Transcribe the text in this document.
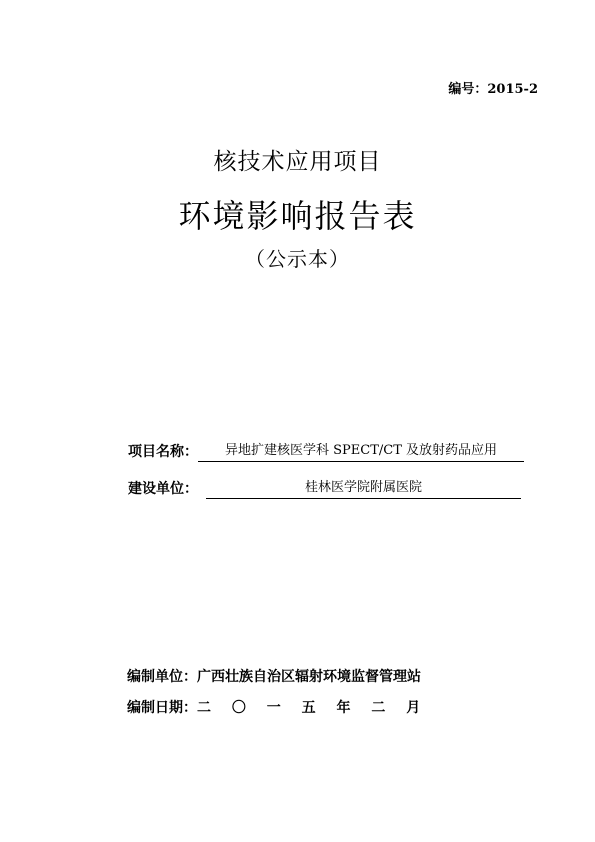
编号：2015-2
核技术应用项目
环境影响报告表
（公示本）
项目名称：	异地扩建核医学科 SPECT/CT 及放射药品应用
建设单位：	桂林医学院附属医院
编制单位：广西壮族自治区辐射环境监督管理站
编制日期：二 〇 一 五 年 二 月
